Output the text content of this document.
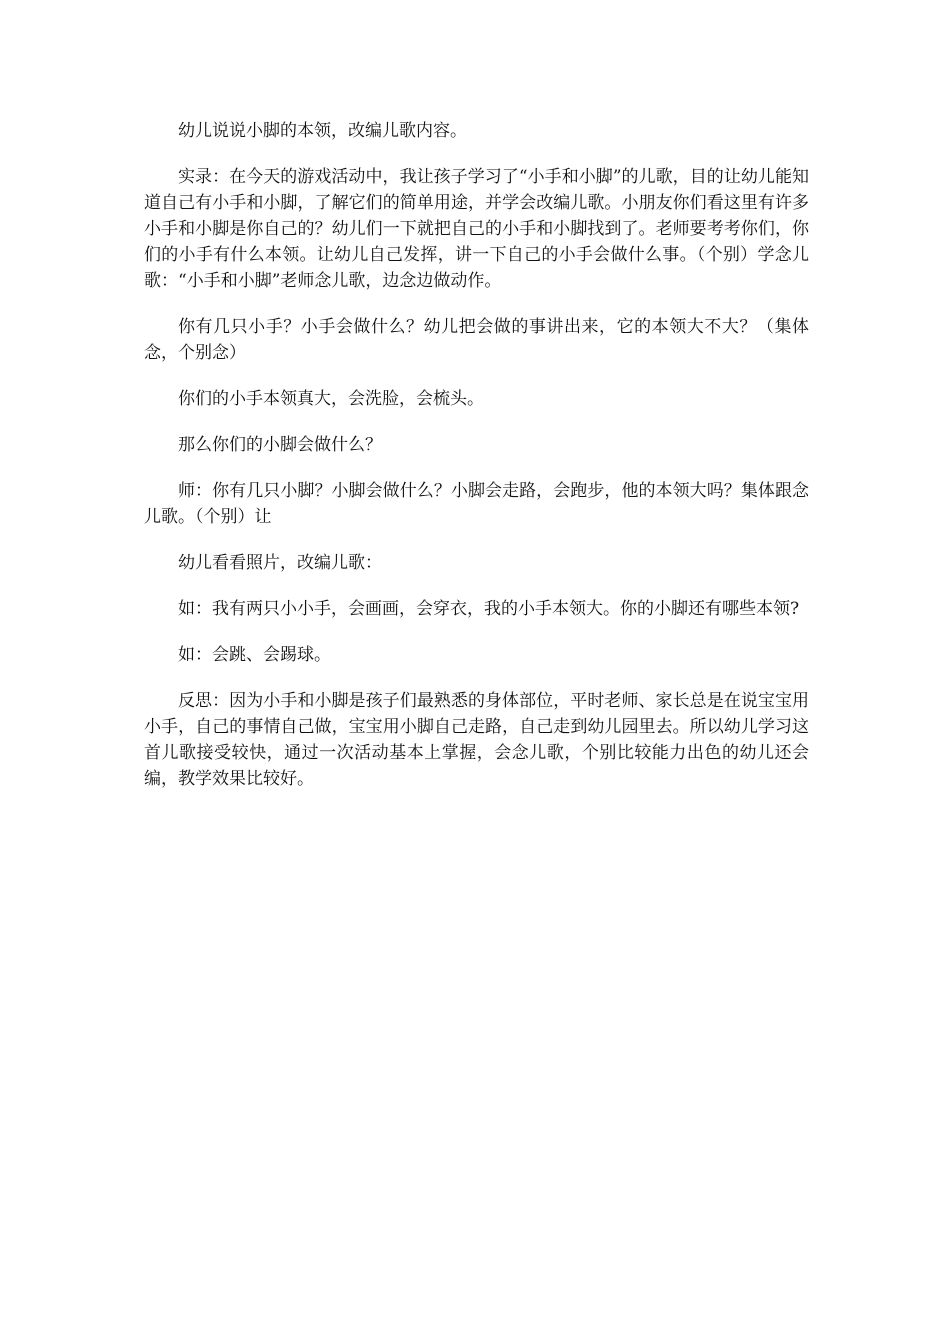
幼儿说说小脚的本领，改编儿歌内容。

实录：在今天的游戏活动中，我让孩子学习了“小手和小脚”的儿歌，目的让幼儿能知道自己有小手和小脚，了解它们的简单用途，并学会改编儿歌。小朋友你们看这里有许多小手和小脚是你自己的？幼儿们一下就把自己的小手和小脚找到了。老师要考考你们，你们的小手有什么本领。让幼儿自己发挥，讲一下自己的小手会做什么事。（个别）学念儿歌：“小手和小脚”老师念儿歌，边念边做动作。

你有几只小手？小手会做什么？幼儿把会做的事讲出来，它的本领大不大？（集体念，个别念）

你们的小手本领真大，会洗脸，会梳头。

那么你们的小脚会做什么？

师：你有几只小脚？小脚会做什么？小脚会走路，会跑步，他的本领大吗？集体跟念儿歌。（个别）让

幼儿看看照片，改编儿歌：

如：我有两只小小手，会画画，会穿衣，我的小手本领大。你的小脚还有哪些本领?

如：会跳、会踢球。

反思：因为小手和小脚是孩子们最熟悉的身体部位，平时老师、家长总是在说宝宝用小手，自己的事情自己做，宝宝用小脚自己走路，自己走到幼儿园里去。所以幼儿学习这首儿歌接受较快，通过一次活动基本上掌握，会念儿歌，个别比较能力出色的幼儿还会编，教学效果比较好。
